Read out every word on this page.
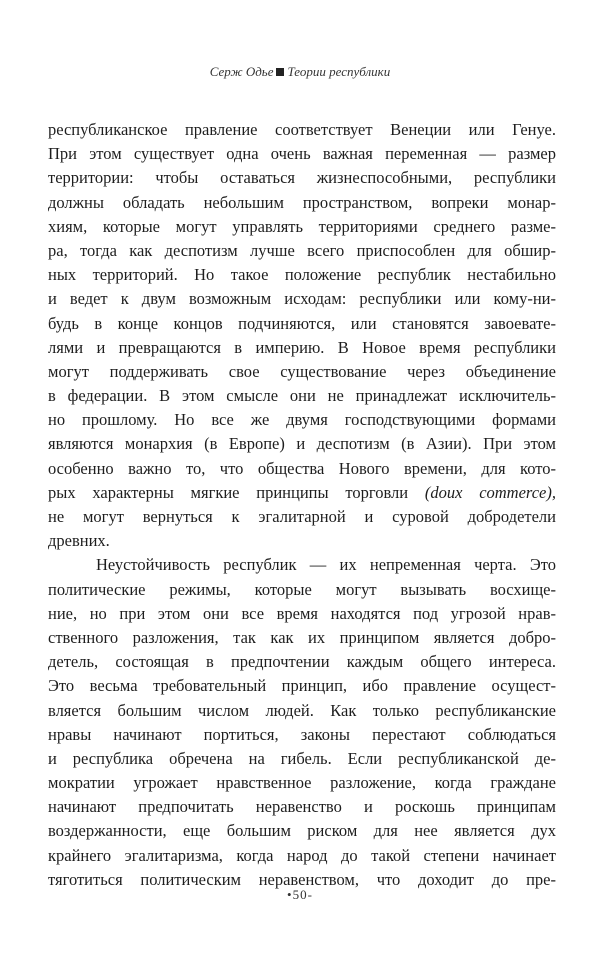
Серж Одье Теории республики
республиканское правление соответствует Венеции или Генуе.
При этом существует одна очень важная переменная — размер
территории: чтобы оставаться жизнеспособными, республики
должны обладать небольшим пространством, вопреки монар-
хиям, которые могут управлять территориями среднего разме-
ра, тогда как деспотизм лучше всего приспособлен для обшир-
ных территорий. Но такое положение республик нестабильно
и ведет к двум возможным исходам: республики или кому-ни-
будь в конце концов подчиняются, или становятся завоевате-
лями и превращаются в империю. В Новое время республики
могут поддерживать свое существование через объединение
в федерации. В этом смысле они не принадлежат исключитель-
но прошлому. Но все же двумя господствующими формами
являются монархия (в Европе) и деспотизм (в Азии). При этом
особенно важно то, что общества Нового времени, для кото-
рых характерны мягкие принципы торговли (doux commerce),
не могут вернуться к эгалитарной и суровой добродетели
древних.
Неустойчивость республик — их непременная черта. Это
политические режимы, которые могут вызывать восхище-
ние, но при этом они все время находятся под угрозой нрав-
ственного разложения, так как их принципом является добро-
детель, состоящая в предпочтении каждым общего интереса.
Это весьма требовательный принцип, ибо правление осущест-
вляется большим числом людей. Как только республиканские
нравы начинают портиться, законы перестают соблюдаться
и республика обречена на гибель. Если республиканской де-
мократии угрожает нравственное разложение, когда граждане
начинают предпочитать неравенство и роскошь принципам
воздержанности, еще большим риском для нее является дух
крайнего эгалитаризма, когда народ до такой степени начинает
тяготиться политическим неравенством, что доходит до пре-
•50-
